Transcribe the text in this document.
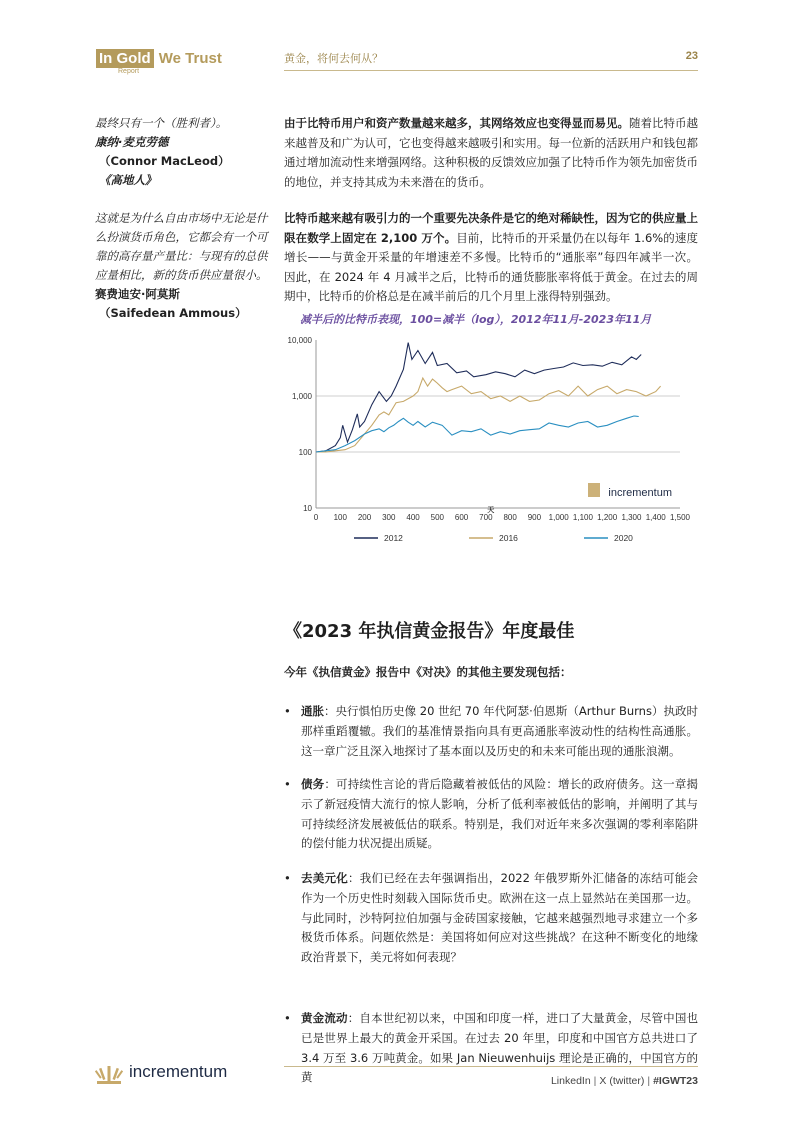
In Gold We Trust
Report
黄金，将何去何从？	23
最终只有一个（胜利者）。
康纳·麦克劳德
（Connor MacLeod）
《高地人》
这就是为什么自由市场中无论是什
么扮演货币角色，它都会有一个可
靠的高存量产量比：与现有的总供
应量相比，新的货币供应量很小。
赛费迪安·阿莫斯
（Saifedean Ammous）
由于比特币用户和资产数量越来越多，其网络效应也变得显而易见。随着比特币越来越普及和广为认可，它也变得越来越吸引和实用。每一位新的活跃用户和钱包都通过增加流动性来增强网络。这种积极的反馈效应加强了比特币作为领先加密货币的地位，并支持其成为未来潜在的货币。
比特币越来越有吸引力的一个重要先决条件是它的绝对稀缺性，因为它的供应量上限在数学上固定在 2,100 万个。目前，比特币的开采量仍在以每年 1.6%的速度增长——与黄金开采量的年增速差不多慢。比特币的“通胀率”每四年减半一次。因此，在 2024 年 4 月减半之后，比特币的通货膨胀率将低于黄金。在过去的周期中，比特币的价格总是在减半前后的几个月里上涨得特别强劲。
减半后的比特币表现，100=减半（log），2012年11月-2023年11月
10,000
1,000
100
10
0 100 200 300 400 500 600 700 800 900 1,000 1,100 1,200 1,300 1,400 1,500
天
incrementum
2012	2016	2020
《2023 年执信黄金报告》年度最佳
今年《执信黄金》报告中《对决》的其他主要发现包括：
• 通胀：央行惧怕历史像 20 世纪 70 年代阿瑟·伯恩斯（Arthur Burns）执政时那样重蹈覆辙。我们的基准情景指向具有更高通胀率波动性的结构性高通胀。这一章广泛且深入地探讨了基本面以及历史的和未来可能出现的通胀浪潮。
• 债务：可持续性言论的背后隐藏着被低估的风险：增长的政府债务。这一章揭示了新冠疫情大流行的惊人影响，分析了低利率被低估的影响，并阐明了其与可持续经济发展被低估的联系。特别是，我们对近年来多次强调的零利率陷阱的偿付能力状况提出质疑。
• 去美元化：我们已经在去年强调指出，2022 年俄罗斯外汇储备的冻结可能会作为一个历史性时刻载入国际货币史。欧洲在这一点上显然站在美国那一边。与此同时，沙特阿拉伯加强与金砖国家接触，它越来越强烈地寻求建立一个多极货币体系。问题依然是：美国将如何应对这些挑战？在这种不断变化的地缘政治背景下，美元将如何表现？
• 黄金流动：自本世纪初以来，中国和印度一样，进口了大量黄金，尽管中国也已是世界上最大的黄金开采国。在过去 20 年里，印度和中国官方总共进口了 3.4 万至 3.6 万吨黄金。如果 Jan Nieuwenhuijs 理论是正确的，中国官方的黄
incrementum	LinkedIn | X (twitter) | #IGWT23
